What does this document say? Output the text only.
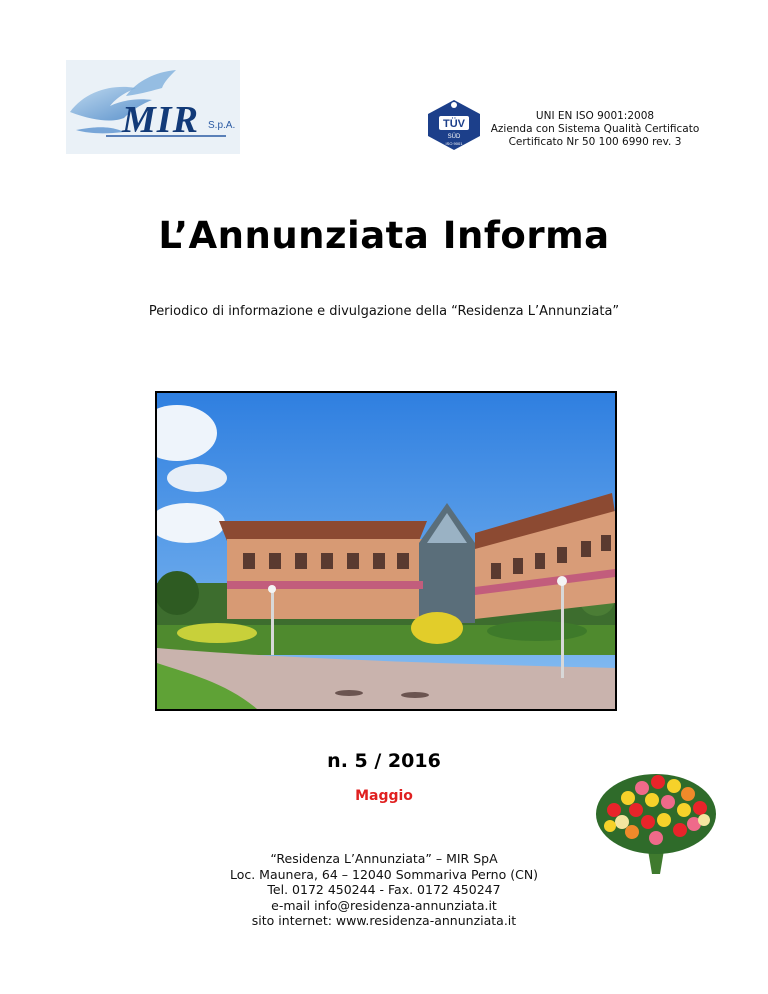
MIR S.p.A.	TÜV
SÜD
ISO 9001
UNI EN ISO 9001:2008
Azienda con Sistema Qualità Certificato
Certificato Nr 50 100 6990 rev. 3
L’Annunziata Informa
Periodico di informazione e divulgazione della “Residenza L’Annunziata”
n. 5 / 2016
Maggio
“Residenza L’Annunziata” – MIR SpA
Loc. Maunera, 64 – 12040 Sommariva Perno (CN)
Tel. 0172 450244 - Fax. 0172 450247
e-mail info@residenza-annunziata.it
sito internet: www.residenza-annunziata.it
